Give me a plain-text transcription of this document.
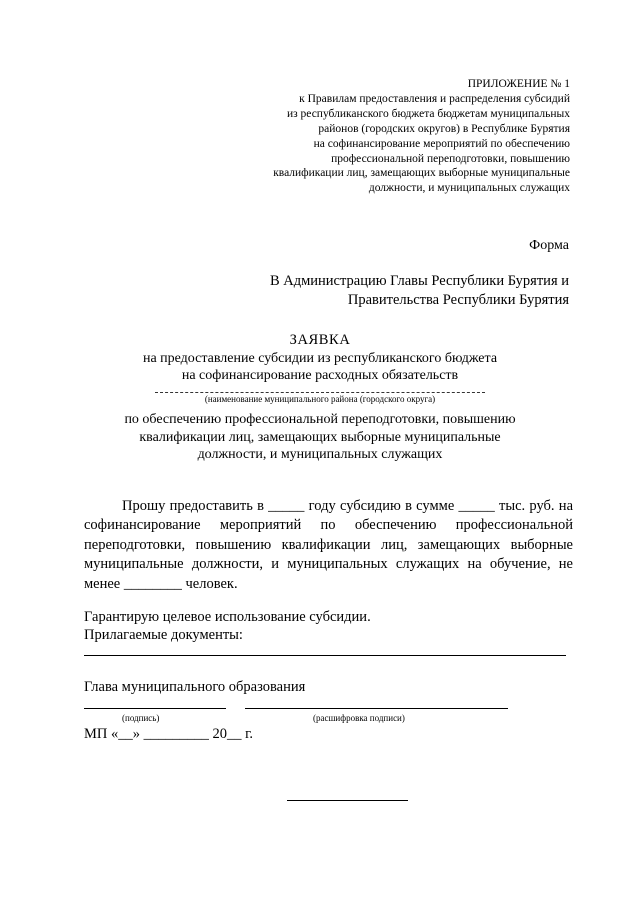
ПРИЛОЖЕНИЕ № 1
к Правилам предоставления и распределения субсидий
из республиканского бюджета бюджетам муниципальных
районов (городских округов) в Республике Бурятия
на софинансирование мероприятий по обеспечению
профессиональной переподготовки, повышению
квалификации лиц, замещающих выборные муниципальные
должности, и муниципальных служащих
Форма
В Администрацию Главы Республики Бурятия и
Правительства Республики Бурятия
ЗАЯВКА
на предоставление субсидии из республиканского бюджета
на софинансирование расходных обязательств
(наименование муниципального района (городского округа)
по обеспечению профессиональной переподготовки, повышению
квалификации лиц, замещающих выборные муниципальные
должности, и муниципальных служащих
Прошу предоставить в _____ году субсидию в сумме _____ тыс. руб. на софинансирование мероприятий по обеспечению профессиональной переподготовки, повышению квалификации лиц, замещающих выборные муниципальные должности, и муниципальных служащих на обучение, не менее ________ человек.
Гарантирую целевое использование субсидии.
Прилагаемые документы:
Глава муниципального образования
(подпись)	(расшифровка подписи)
МП «__» _________ 20__ г.
